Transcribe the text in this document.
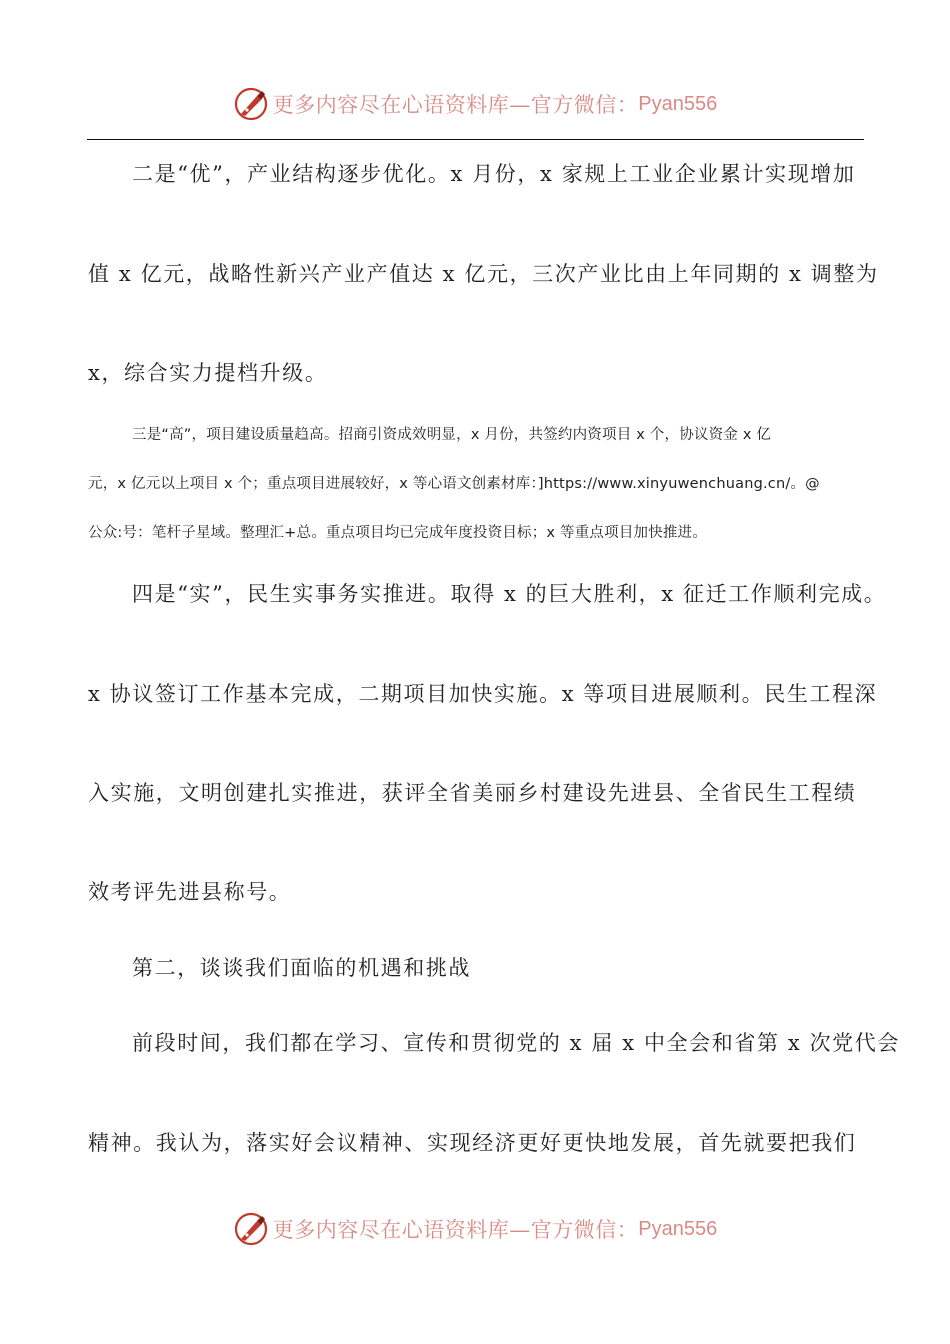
更多内容尽在心语资料库—官方微信： Pyan556

二是“优”，产业结构逐步优化。x 月份，x 家规上工业企业累计实现增加

值 x 亿元，战略性新兴产业产值达 x 亿元，三次产业比由上年同期的 x 调整为

x，综合实力提档升级。

三是“高”，项目建设质量趋高。招商引资成效明显，x 月份，共签约内资项目 x 个，协议资金 x 亿

元，x 亿元以上项目 x 个；重点项目进展较好，x 等心语文创素材库：]https://www.xinyuwenchuang.cn/。@

公众:号：笔杆子星域。整理汇+总。重点项目均已完成年度投资目标；x 等重点项目加快推进。

四是“实”，民生实事务实推进。取得 x 的巨大胜利，x 征迁工作顺利完成。

x 协议签订工作基本完成，二期项目加快实施。x 等项目进展顺利。民生工程深

入实施，文明创建扎实推进，获评全省美丽乡村建设先进县、全省民生工程绩

效考评先进县称号。

第二，谈谈我们面临的机遇和挑战

前段时间，我们都在学习、宣传和贯彻党的 x 届 x 中全会和省第 x 次党代会

精神。我认为，落实好会议精神、实现经济更好更快地发展，首先就要把我们

更多内容尽在心语资料库—官方微信： Pyan556
